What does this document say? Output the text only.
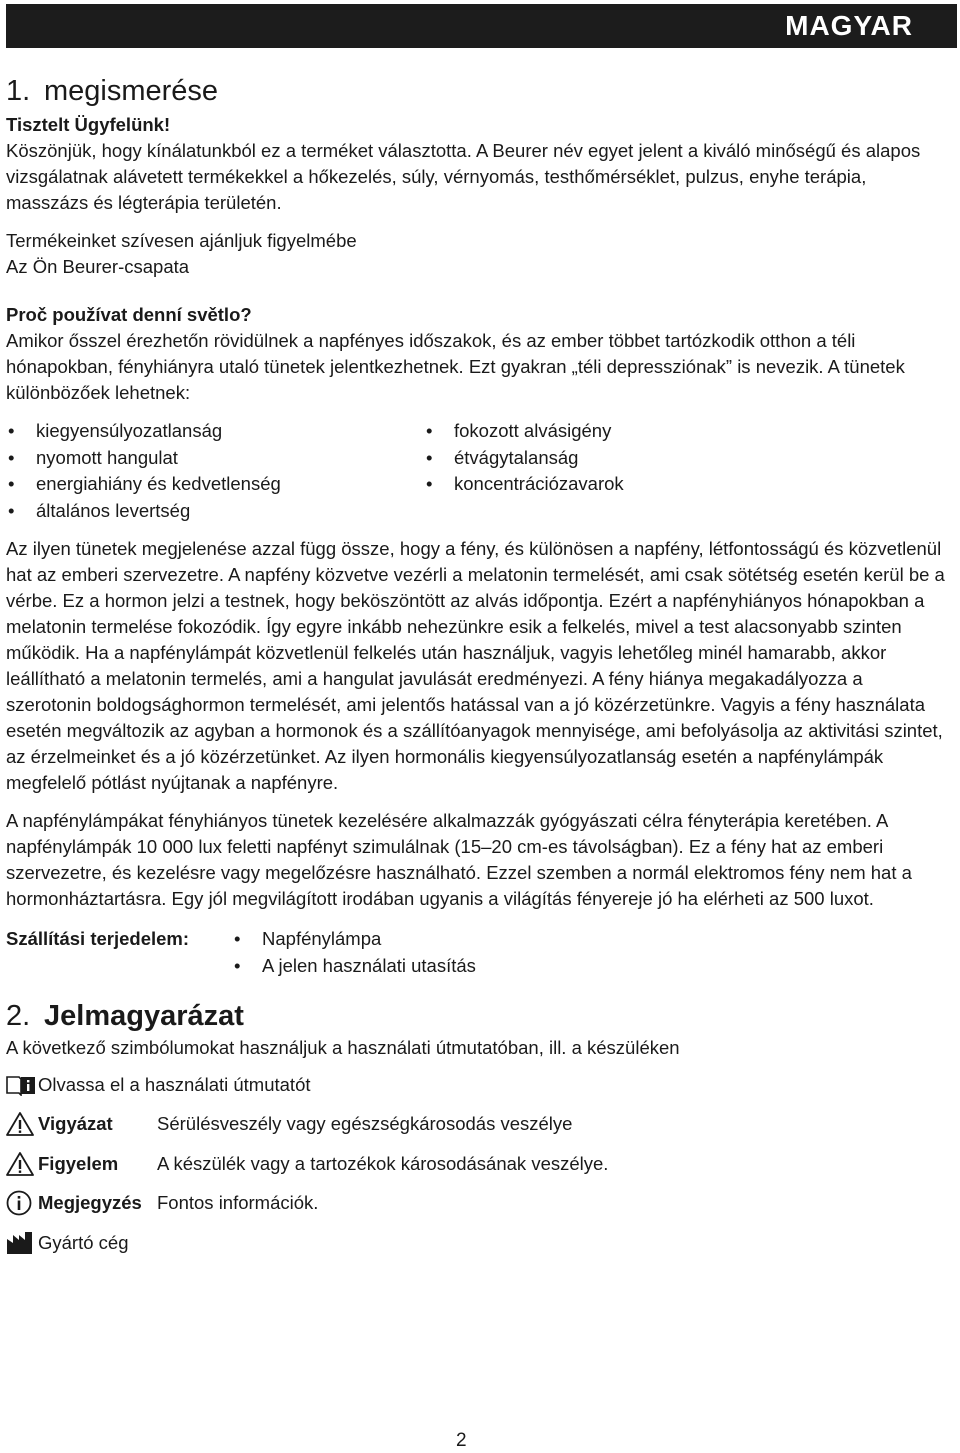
MAGYAR
1. megismerése

Tisztelt Ügyfelünk!

Köszönjük, hogy kínálatunkból ez a terméket választotta. A Beurer név egyet jelent a kiváló minőségű és alapos vizsgálatnak alávetett termékekkel a hőkezelés, súly, vérnyomás, testhőmérséklet, pulzus, enyhe terápia, masszázs és légterápia területén.

Termékeinket szívesen ajánljuk figyelmébe

Az Ön Beurer-csapata

Proč používat denní světlo?

Amikor ősszel érezhetőn rövidülnek a napfényes időszakok, és az ember többet tartózkodik otthon a téli hónapokban, fényhiányra utaló tünetek jelentkezhetnek. Ezt gyakran „téli depressziónak” is nevezik. A tünetek különbözőek lehetnek:

• kiegyensúlyozatlanság
• nyomott hangulat
• energiahiány és kedvetlenség
• általános levertség
• fokozott alvásigény
• étvágytalanság
• koncentrációzavarok

Az ilyen tünetek megjelenése azzal függ össze, hogy a fény, és különösen a napfény, létfontosságú és közvetlenül hat az emberi szervezetre. A napfény közvetve vezérli a melatonin termelését, ami csak sötétség esetén kerül be a vérbe. Ez a hormon jelzi a testnek, hogy beköszöntött az alvás időpontja. Ezért a napfényhiányos hónapokban a melatonin termelése fokozódik. Így egyre inkább nehezünkre esik a felkelés, mivel a test alacsonyabb szinten működik. Ha a napfénylámpát közvetlenül felkelés után használjuk, vagyis lehetőleg minél hamarabb, akkor leállítható a melatonin termelés, ami a hangulat javulását eredményezi. A fény hiánya megakadályozza a szerotonin boldogsághormon termelését, ami jelentős hatással van a jó közérzetünkre. Vagyis a fény használata esetén megváltozik az agyban a hormonok és a szállítóanyagok mennyisége, ami befolyásolja az aktivitási szintet, az érzelmeinket és a jó közérzetünket. Az ilyen hormonális kiegyensúlyozatlanság esetén a napfénylámpák megfelelő pótlást nyújtanak a napfényre.

A napfénylámpákat fényhiányos tünetek kezelésére alkalmazzák gyógyászati célra fényterápia keretében. A napfénylámpák 10 000 lux feletti napfényt szimulálnak (15–20 cm-es távolságban). Ez a fény hat az emberi szervezetre, és kezelésre vagy megelőzésre használható. Ezzel szemben a normál elektromos fény nem hat a hormonháztartásra. Egy jól megvilágított irodában ugyanis a világítás fényereje jó ha elérheti az 500 luxot.

Szállítási terjedelem:
•	Napfénylámpa
• A jelen használati utasítás
2. Jelmagyarázat

A következő szimbólumokat használjuk a használati útmutatóban, ill. a készüléken

Olvassa el a használati útmutatót
Vigyázat	Sérülésveszély vagy egészségkárosodás veszélye
Figyelem	A készülék vagy a tartozékok károsodásának veszélye.
Megjegyzés Fontos információk.
Gyártó cég
2
